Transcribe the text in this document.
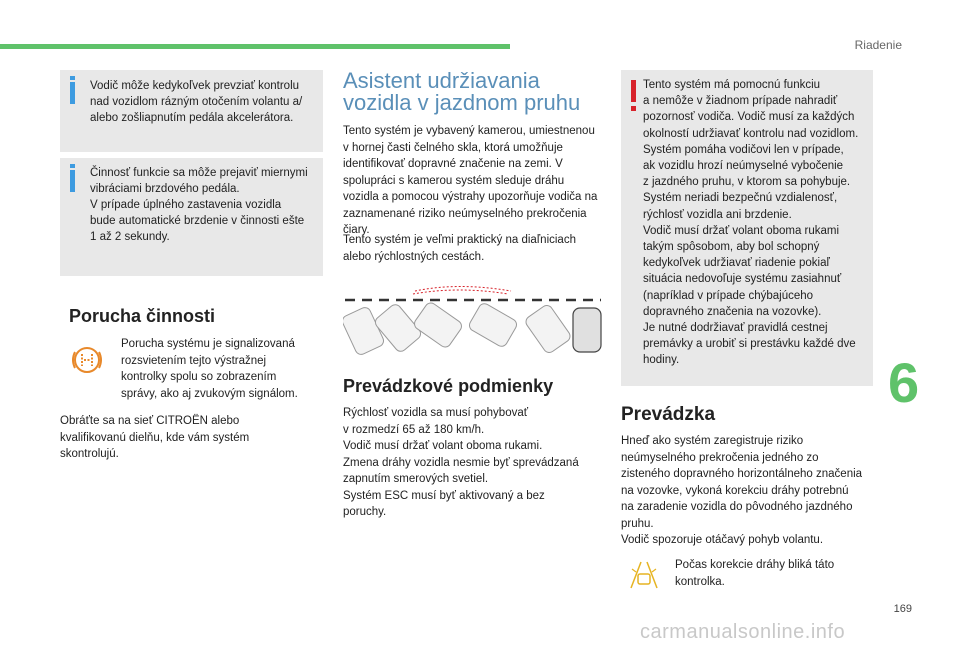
Riadenie

Vodič môže kedykoľvek prevziať kontrolu nad vozidlom rázným otočením volantu a/ alebo zošliapnutím pedála akcelerátora.

Činnosť funkcie sa môže prejaviť miernymi
vibráciami brzdového pedála.
V prípade úplného zastavenia vozidla
bude automatické brzdenie v činnosti ešte
1 až 2 sekundy.

Porucha činnosti

Porucha systému je signalizovaná rozsvietením tejto výstražnej kontrolky spolu so zobrazením správy, ako aj zvukovým signálom.

Obráťte sa na sieť CITROËN alebo kvalifikovanú dielňu, kde vám systém skontrolujú.

Asistent udržiavania
vozidla v jazdnom pruhu

Tento systém je vybavený kamerou, umiestnenou v hornej časti čelného skla, ktorá umožňuje identifikovať dopravné značenie na zemi. V spolupráci s kamerou systém sleduje dráhu vozidla a pomocou výstrahy upozorňuje vodiča na zaznamenané riziko neúmyselného prekročenia čiary.

Tento systém je veľmi praktický na diaľniciach alebo rýchlostných cestách.

Prevádzkové podmienky

Rýchlosť vozidla sa musí pohybovať
v rozmedzí 65 až 180 km/h.
Vodič musí držať volant oboma rukami.
Zmena dráhy vozidla nesmie byť sprevádzaná
zapnutím smerových svetiel.
Systém ESC musí byť aktivovaný a bez
poruchy.

Tento systém má pomocnú funkciu
a nemôže v žiadnom prípade nahradiť
pozornosť vodiča. Vodič musí za každých
okolností udržiavať kontrolu nad vozidlom.
Systém pomáha vodičovi len v prípade,
ak vozidlu hrozí neúmyselné vybočenie
z jazdného pruhu, v ktorom sa pohybuje.
Systém neriadi bezpečnú vzdialenosť,
rýchlosť vozidla ani brzdenie.
Vodič musí držať volant oboma rukami
takým spôsobom, aby bol schopný
kedykoľvek udržiavať riadenie pokiaľ
situácia nedovoľuje systému zasiahnuť
(napríklad v prípade chýbajúceho
dopravného značenia na vozovke).
Je nutné dodržiavať pravidlá cestnej
premávky a urobiť si prestávku každé dve
hodiny.

Prevádzka

Hneď ako systém zaregistruje riziko
neúmyselného prekročenia jedného zo
zisteného dopravného horizontálneho značenia
na vozovke, vykoná korekciu dráhy potrebnú
na zaradenie vozidla do pôvodného jazdného
pruhu.
Vodič spozoruje otáčavý pohyb volantu.

Počas korekcie dráhy bliká táto
kontrolka.

6
169
carmanualsonline.info
